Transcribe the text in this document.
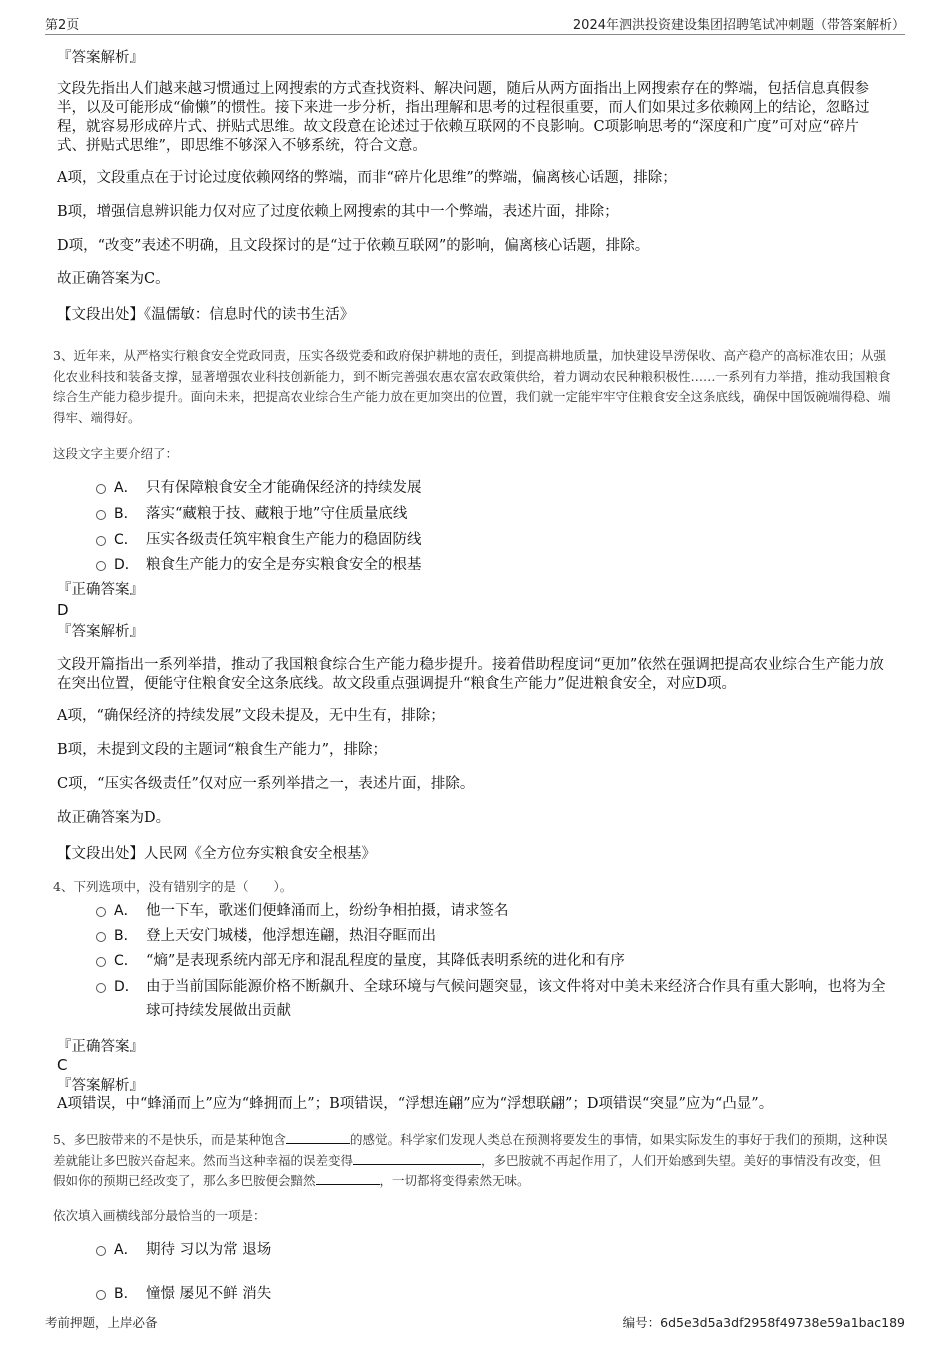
第2页	2024年泗洪投资建设集团招聘笔试冲刺题（带答案解析）
『答案解析』
文段先指出人们越来越习惯通过上网搜索的方式查找资料、解决问题，随后从两方面指出上网搜索存在的弊端，包括信息真假参半，以及可能形成“偷懒”的惯性。接下来进一步分析，指出理解和思考的过程很重要，而人们如果过多依赖网上的结论，忽略过程，就容易形成碎片式、拼贴式思维。故文段意在论述过于依赖互联网的不良影响。C项影响思考的“深度和广度”可对应“碎片式、拼贴式思维”，即思维不够深入不够系统，符合文意。
A项，文段重点在于讨论过度依赖网络的弊端，而非“碎片化思维”的弊端，偏离核心话题，排除；
B项，增强信息辨识能力仅对应了过度依赖上网搜索的其中一个弊端，表述片面，排除；
D项，“改变”表述不明确，且文段探讨的是“过于依赖互联网”的影响，偏离核心话题，排除。
故正确答案为C。
【文段出处】《温儒敏：信息时代的读书生活》
3、近年来，从严格实行粮食安全党政同责，压实各级党委和政府保护耕地的责任，到提高耕地质量，加快建设旱涝保收、高产稳产的高标准农田；从强化农业科技和装备支撑，显著增强农业科技创新能力，到不断完善强农惠农富农政策供给，着力调动农民种粮积极性……一系列有力举措，推动我国粮食综合生产能力稳步提升。面向未来，把提高农业综合生产能力放在更加突出的位置，我们就一定能牢牢守住粮食安全这条底线，确保中国饭碗端得稳、端得牢、端得好。
这段文字主要介绍了：
A． 只有保障粮食安全才能确保经济的持续发展
B． 落实“藏粮于技、藏粮于地”守住质量底线
C． 压实各级责任筑牢粮食生产能力的稳固防线
D． 粮食生产能力的安全是夯实粮食安全的根基
『正确答案』
D
『答案解析』
文段开篇指出一系列举措，推动了我国粮食综合生产能力稳步提升。接着借助程度词“更加”依然在强调把提高农业综合生产能力放在突出位置，便能守住粮食安全这条底线。故文段重点强调提升“粮食生产能力”促进粮食安全，对应D项。
A项，“确保经济的持续发展”文段未提及，无中生有，排除；
B项，未提到文段的主题词“粮食生产能力”，排除；
C项，“压实各级责任”仅对应一系列举措之一，表述片面，排除。
故正确答案为D。
【文段出处】人民网《全方位夯实粮食安全根基》
4、下列选项中，没有错别字的是（　　）。
A． 他一下车，歌迷们便蜂涌而上，纷纷争相拍摄，请求签名
B． 登上天安门城楼，他浮想连翩，热泪夺眶而出
C． “熵”是表现系统内部无序和混乱程度的量度，其降低表明系统的进化和有序
D． 由于当前国际能源价格不断飙升、全球环境与气候问题突显，该文件将对中美未来经济合作具有重大影响，也将为全球可持续发展做出贡献
『正确答案』
C
『答案解析』
A项错误，中“蜂涌而上”应为“蜂拥而上”；B项错误，“浮想连翩”应为“浮想联翩”；D项错误“突显”应为“凸显”。
5、多巴胺带来的不是快乐，而是某种饱含	的感觉。科学家们发现人类总在预测将要发生的事情，如果实际发生的事好于我们的预期，这种误差就能让多巴胺兴奋起来。然而当这种幸福的误差变得	，多巴胺就不再起作用了，人们开始感到失望。美好的事情没有改变，但假如你的预期已经改变了，那么多巴胺便会黯然	，一切都将变得索然无味。
依次填入画横线部分最恰当的一项是：
A． 期待 习以为常 退场
B． 憧憬 屡见不鲜 消失
考前押题，上岸必备	编号：6d5e3d5a3df2958f49738e59a1bac189
